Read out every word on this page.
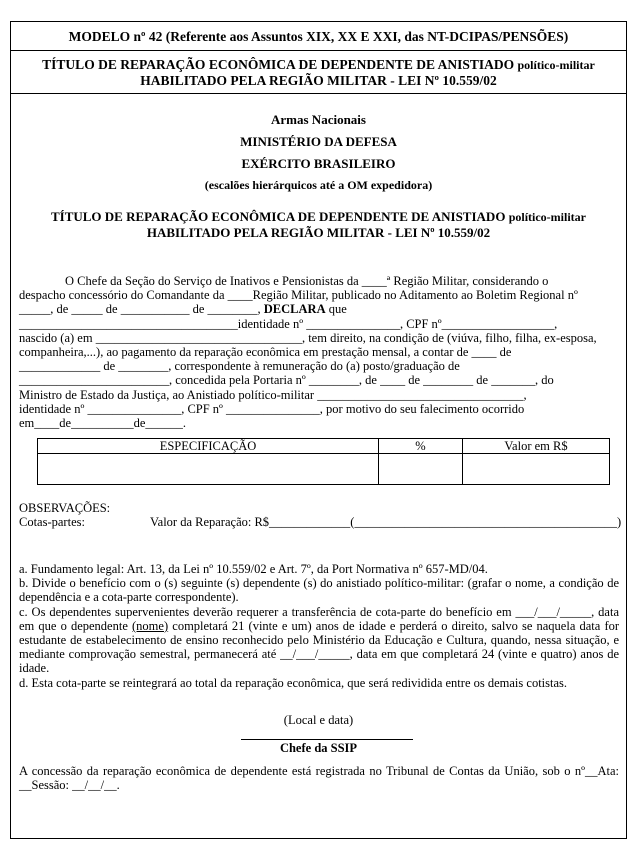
MODELO nº 42 (Referente aos Assuntos XIX, XX E XXI, das NT-DCIPAS/PENSÕES)
TÍTULO DE REPARAÇÃO ECONÔMICA DE DEPENDENTE DE ANISTIADO político-militar
HABILITADO PELA REGIÃO MILITAR - LEI Nº 10.559/02
Armas Nacionais
MINISTÉRIO DA DEFESA
EXÉRCITO BRASILEIRO
(escalões hierárquicos até a OM expedidora)
TÍTULO DE REPARAÇÃO ECONÔMICA DE DEPENDENTE DE ANISTIADO político-militar
HABILITADO PELA REGIÃO MILITAR - LEI Nº 10.559/02

O Chefe da Seção do Serviço de Inativos e Pensionistas da ____ª Região Militar, considerando o

despacho concessório do Comandante da ____Região Militar, publicado no Aditamento ao Boletim Regional nº

_____, de _____ de ___________ de ________, DECLARA que

___________________________________identidade nº _______________, CPF nº__________________,

nascido (a) em _________________________________, tem direito, na condição de (viúva, filho, filha, ex-esposa,

companheira,...), ao pagamento da reparação econômica em prestação mensal, a contar de ____ de

_____________ de ________, correspondente à remuneração do (a) posto/graduação de

________________________, concedida pela Portaria nº ________, de ____ de ________ de _______, do

Ministro de Estado da Justiça, ao Anistiado político-militar _________________________________,

identidade nº _______________, CPF nº _______________, por motivo do seu falecimento ocorrido

em____de__________de______.

ESPECIFICAÇÃO	%	Valor em R$

OBSERVAÇÕES:
Cotas-partes:	Valor da Reparação: R$_____________(__________________________________________)

a. Fundamento legal: Art. 13, da Lei nº 10.559/02 e Art. 7º, da Port Normativa nº 657-MD/04.

b. Divide o benefício com o (s) seguinte (s) dependente (s) do anistiado político-militar: (grafar o nome, a condição de dependência e a cota-parte correspondente).

c. Os dependentes supervenientes deverão requerer a transferência de cota-parte do benefício em ___/___/_____, data em que o dependente (nome) completará 21 (vinte e um) anos de idade e perderá o direito, salvo se naquela data for estudante de estabelecimento de ensino reconhecido pelo Ministério da Educação e Cultura, quando, nessa situação, e mediante comprovação semestral, permanecerá até __/___/_____, data em que completará 24 (vinte e quatro) anos de idade.

d. Esta cota-parte se reintegrará ao total da reparação econômica, que será redividida entre os demais cotistas.

(Local e data)
Chefe da SSIP

A concessão da reparação econômica de dependente está registrada no Tribunal de Contas da União, sob o nº__Ata: __Sessão: __/__/__.
